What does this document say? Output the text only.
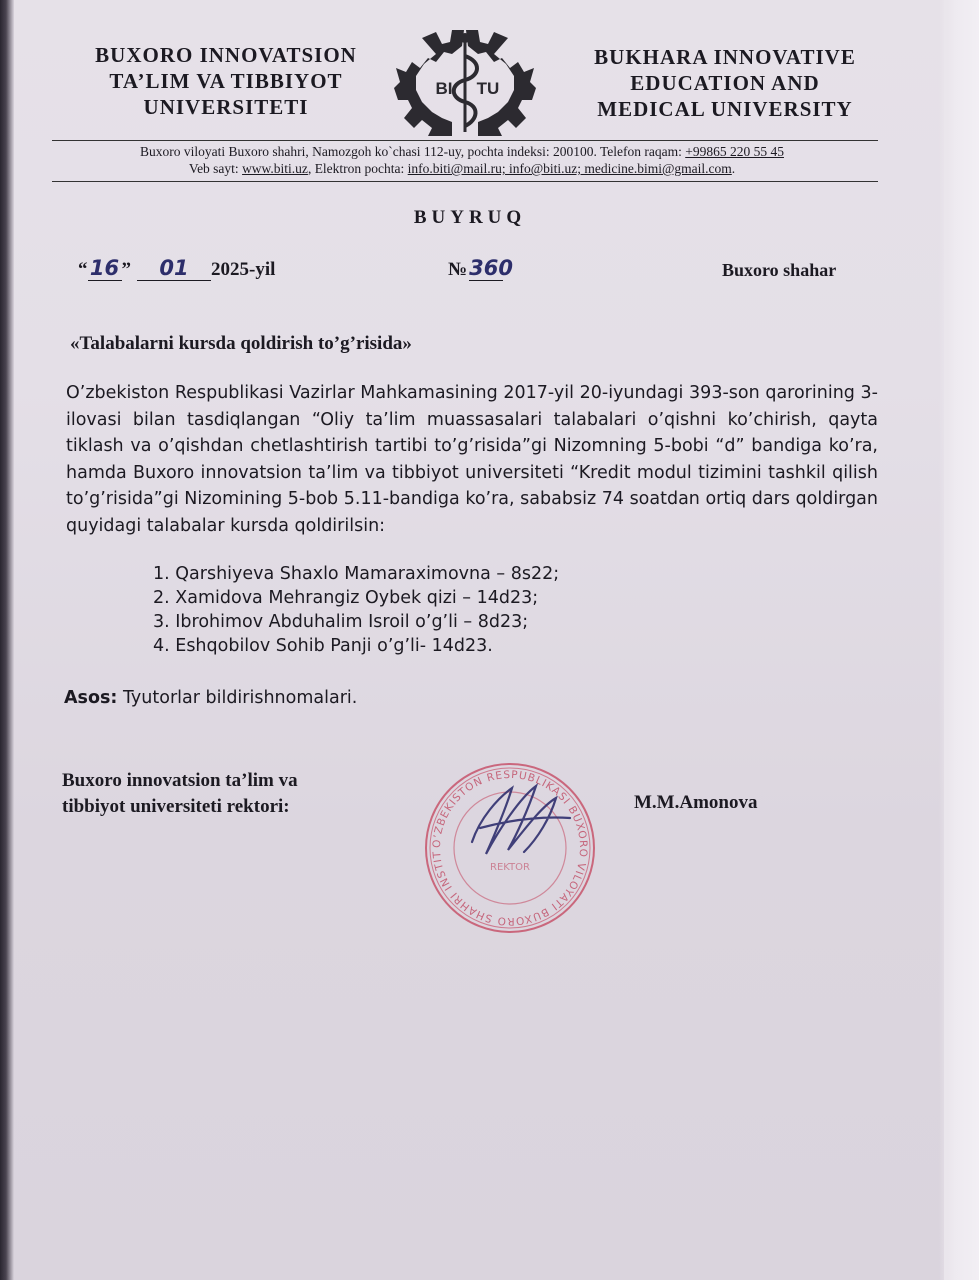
BUXORO INNOVATSION
TA’LIM VA TIBBIYOT
UNIVERSITETI
BI TU
BUKHARA INNOVATIVE
EDUCATION AND
MEDICAL UNIVERSITY
Buxoro viloyati Buxoro shahri, Namozgoh ko`chasi 112-uy, pochta indeksi: 200100. Telefon raqam: +99865 220 55 45
Veb sayt: www.biti.uz, Elektron pochta: info.biti@mail.ru; info@biti.uz; medicine.bimi@gmail.com.
BUYRUQ
“ 16 ” 01 2025-yil	№360	Buxoro shahar
«Talabalarni kursda qoldirish to’g’risida»
O’zbekiston Respublikasi Vazirlar Mahkamasining 2017-yil 20-iyundagi 393-son qarorining 3-ilovasi bilan tasdiqlangan “Oliy ta’lim muassasalari talabalari o’qishni ko’chirish, qayta tiklash va o’qishdan chetlashtirish tartibi to’g’risida”gi Nizomning 5-bobi “d” bandiga ko’ra, hamda Buxoro innovatsion ta’lim va tibbiyot universiteti “Kredit modul tizimini tashkil qilish to’g’risida”gi Nizomining 5-bob 5.11-bandiga ko’ra, sababsiz 74 soatdan ortiq dars qoldirgan quyidagi talabalar kursda qoldirilsin:
1. Qarshiyeva Shaxlo Mamaraximovna – 8s22;
2. Xamidova Mehrangiz Oybek qizi – 14d23;
3. Ibrohimov Abduhalim Isroil o’g’li – 8d23;
4. Eshqobilov Sohib Panji o’g’li- 14d23.
Asos: Tyutorlar bildirishnomalari.
Buxoro innovatsion ta’lim va
tibbiyot universiteti rektori:	M.M.Amonova
O’ZBEKISTON RESPUBLIKASI BUXORO VILOYATI BUXORO SHAHRI INSTIT
REKTOR
